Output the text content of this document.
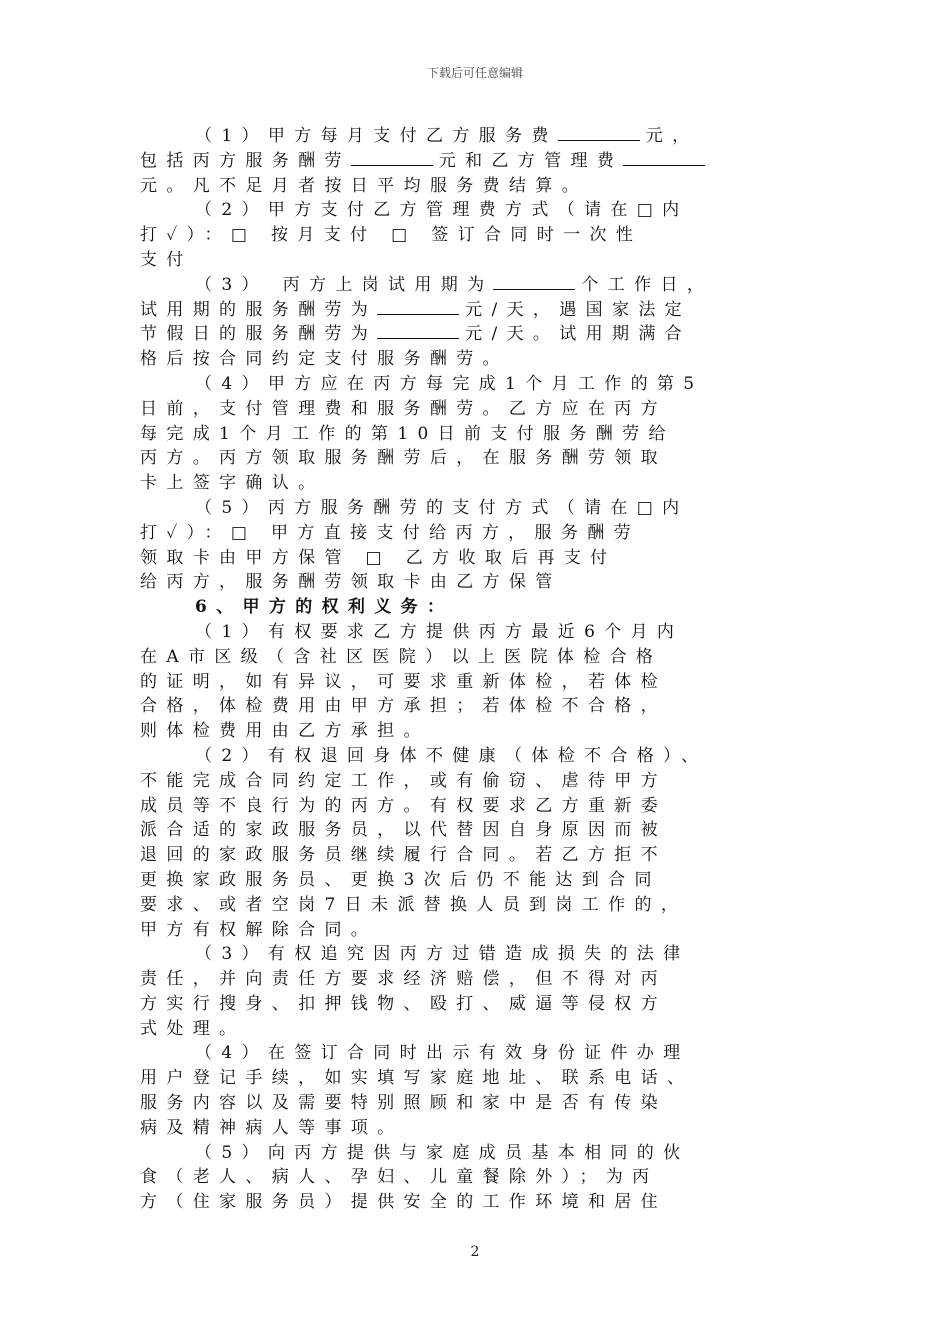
下载后可任意编辑
（1）甲方每月支付乙方服务费	元，
包括丙方服务酬劳	元和乙方管理费
元。凡不足月者按日平均服务费结算。
（2）甲方支付乙方管理费方式（请在□内
打✓）：□ 按月支付 □ 签订合同时一次性
支付
（3） 丙方上岗试用期为	个工作日，
试用期的服务酬劳为	元/天，遇国家法定
节假日的服务酬劳为	元/天。试用期满合
格后按合同约定支付服务酬劳。
（4）甲方应在丙方每完成1个月工作的第5
日前，支付管理费和服务酬劳。乙方应在丙方
每完成1个月工作的第10日前支付服务酬劳给
丙方。丙方领取服务酬劳后，在服务酬劳领取
卡上签字确认。
（5）丙方服务酬劳的支付方式（请在□内
打✓）：□ 甲方直接支付给丙方，服务酬劳
领取卡由甲方保管 □ 乙方收取后再支付
给丙方，服务酬劳领取卡由乙方保管
6、甲方的权利义务：
（1）有权要求乙方提供丙方最近6个月内
在A市区级（含社区医院）以上医院体检合格
的证明，如有异议，可要求重新体检，若体检
合格，体检费用由甲方承担；若体检不合格，
则体检费用由乙方承担。
（2）有权退回身体不健康（体检不合格）、
不能完成合同约定工作，或有偷窃、虐待甲方
成员等不良行为的丙方。有权要求乙方重新委
派合适的家政服务员，以代替因自身原因而被
退回的家政服务员继续履行合同。若乙方拒不
更换家政服务员、更换3次后仍不能达到合同
要求、或者空岗7日未派替换人员到岗工作的，
甲方有权解除合同。
（3）有权追究因丙方过错造成损失的法律
责任，并向责任方要求经济赔偿，但不得对丙
方实行搜身、扣押钱物、殴打、威逼等侵权方
式处理。
（4）在签订合同时出示有效身份证件办理
用户登记手续，如实填写家庭地址、联系电话、
服务内容以及需要特别照顾和家中是否有传染
病及精神病人等事项。
（5）向丙方提供与家庭成员基本相同的伙
食（老人、病人、孕妇、儿童餐除外）；为丙
方（住家服务员）提供安全的工作环境和居住
2
